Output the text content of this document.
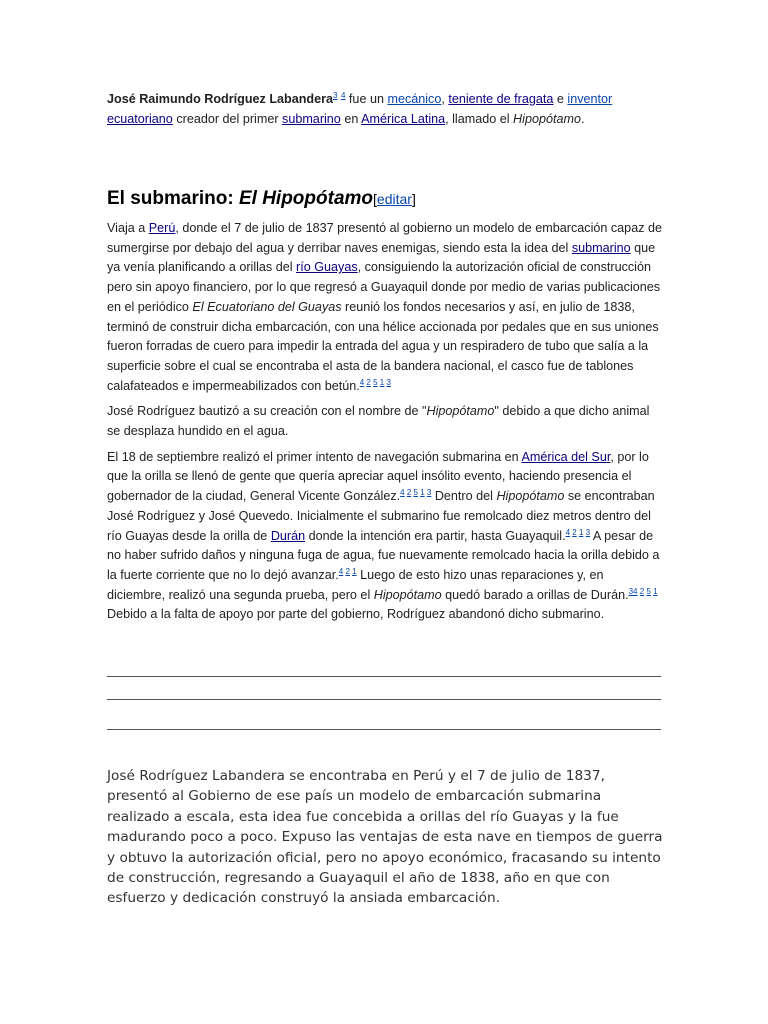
José Raimundo Rodríguez Labandera$^3$ $^4$ fue un mecánico, teniente de fragata e inventor ecuatoriano creador del primer submarino en América Latina, llamado el Hipopótamo.

El submarino: El Hipopótamo[editar]

Viaja a Perú, donde el 7 de julio de 1837 presentó al gobierno un modelo de embarcación capaz de sumergirse por debajo del agua y derribar naves enemigas, siendo esta la idea del submarino que ya venía planificando a orillas del río Guayas, consiguiendo la autorización oficial de construcción pero sin apoyo financiero, por lo que regresó a Guayaquil donde por medio de varias publicaciones en el periódico El Ecuatoriano del Guayas reunió los fondos necesarios y así, en julio de 1838, terminó de construir dicha embarcación, con una hélice accionada por pedales que en sus uniones fueron forradas de cuero para impedir la entrada del agua y un respiradero de tubo que salía a la superficie sobre el cual se encontraba el asta de la bandera nacional, el casco fue de tablones calafateados e impermeabilizados con betún.$^{4 2 5 1 3}$

José Rodríguez bautizó a su creación con el nombre de "Hipopótamo" debido a que dicho animal se desplaza hundido en el agua.

El 18 de septiembre realizó el primer intento de navegación submarina en América del Sur, por lo que la orilla se llenó de gente que quería apreciar aquel insólito evento, haciendo presencia el gobernador de la ciudad, General Vicente González.$^{4 2 5 1 3}$ Dentro del Hipopótamo se encontraban José Rodríguez y José Quevedo. Inicialmente el submarino fue remolcado diez metros dentro del río Guayas desde la orilla de Durán donde la intención era partir, hasta Guayaquil.$^{4 2 1 3}$ A pesar de no haber sufrido daños y ninguna fuga de agua, fue nuevamente remolcado hacia la orilla debido a la fuerte corriente que no lo dejó avanzar.$^{4 2 1}$ Luego de esto hizo unas reparaciones y, en diciembre, realizó una segunda prueba, pero el Hipopótamo quedó barado a orillas de Durán.$^{34 2 5 1}$ Debido a la falta de apoyo por parte del gobierno, Rodríguez abandonó dicho submarino.

José Rodríguez Labandera se encontraba en Perú y el 7 de julio de 1837, presentó al Gobierno de ese país un modelo de embarcación submarina realizado a escala, esta idea fue concebida a orillas del río Guayas y la fue madurando poco a poco. Expuso las ventajas de esta nave en tiempos de guerra y obtuvo la autorización oficial, pero no apoyo económico, fracasando su intento de construcción, regresando a Guayaquil el año de 1838, año en que con esfuerzo y dedicación construyó la ansiada embarcación.
